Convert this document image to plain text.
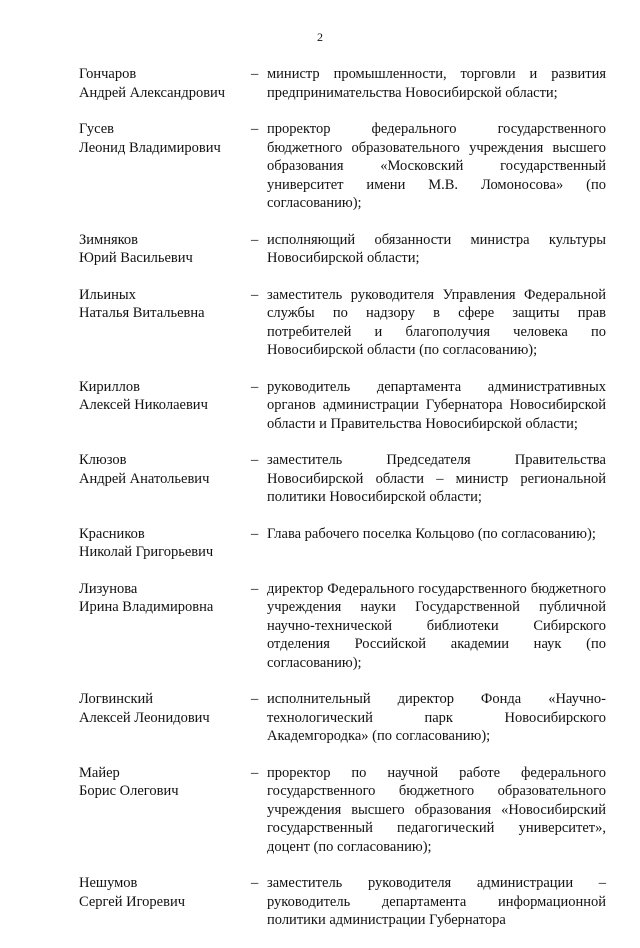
2
Гончаров
Андрей Александрович
– министр промышленности, торговли и развития предпринимательства Новосибирской области;
Гусев
Леонид Владимирович
– проректор федерального государственного бюджетного образовательного учреждения высшего образования «Московский государственный университет имени М.В. Ломоносова» (по согласованию);
Зимняков
Юрий Васильевич
– исполняющий обязанности министра культуры Новосибирской области;
Ильиных
Наталья Витальевна
– заместитель руководителя Управления Федеральной службы по надзору в сфере защиты прав потребителей и благополучия человека по Новосибирской области (по согласованию);
Кириллов
Алексей Николаевич
– руководитель департамента административных органов администрации Губернатора Новосибирской области и Правительства Новосибирской области;
Клюзов
Андрей Анатольевич
– заместитель Председателя Правительства Новосибирской области – министр региональной политики Новосибирской области;
Красников
Николай Григорьевич
– Глава рабочего поселка Кольцово (по согласованию);
Лизунова
Ирина Владимировна
– директор Федерального государственного бюджетного учреждения науки Государственной публичной научно-технической библиотеки Сибирского отделения Российской академии наук (по согласованию);
Логвинский
Алексей Леонидович
– исполнительный директор Фонда «Научно-технологический парк Новосибирского Академгородка» (по согласованию);
Майер
Борис Олегович
– проректор по научной работе федерального государственного бюджетного образовательного учреждения высшего образования «Новосибирский государственный педагогический университет», доцент (по согласованию);
Нешумов
Сергей Игоревич
– заместитель руководителя администрации – руководитель департамента информационной политики администрации Губернатора
